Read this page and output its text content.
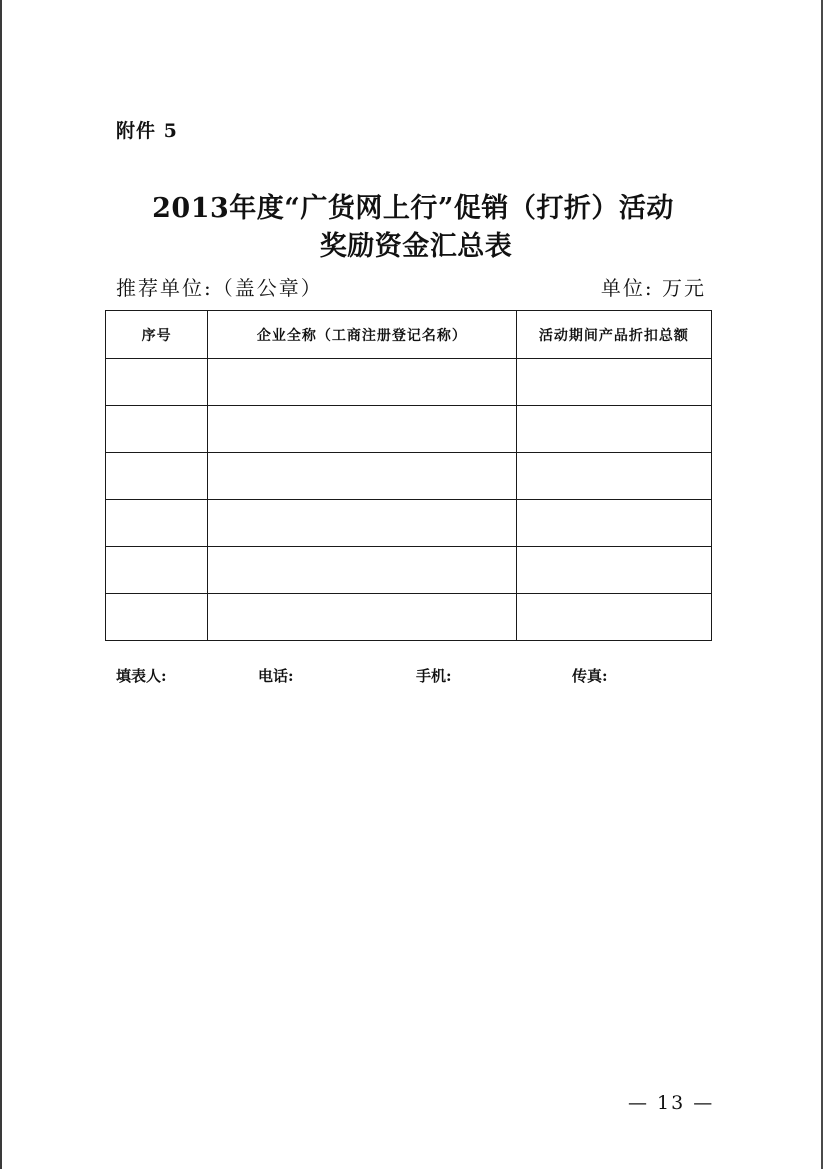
附件 5
2013年度“广货网上行”促销（打折）活动
奖励资金汇总表
推荐单位:（盖公章）	单位: 万元
序号	企业全称（工商注册登记名称）	活动期间产品折扣总额

填表人:	电话:	手机:	传真:
— 13 —
